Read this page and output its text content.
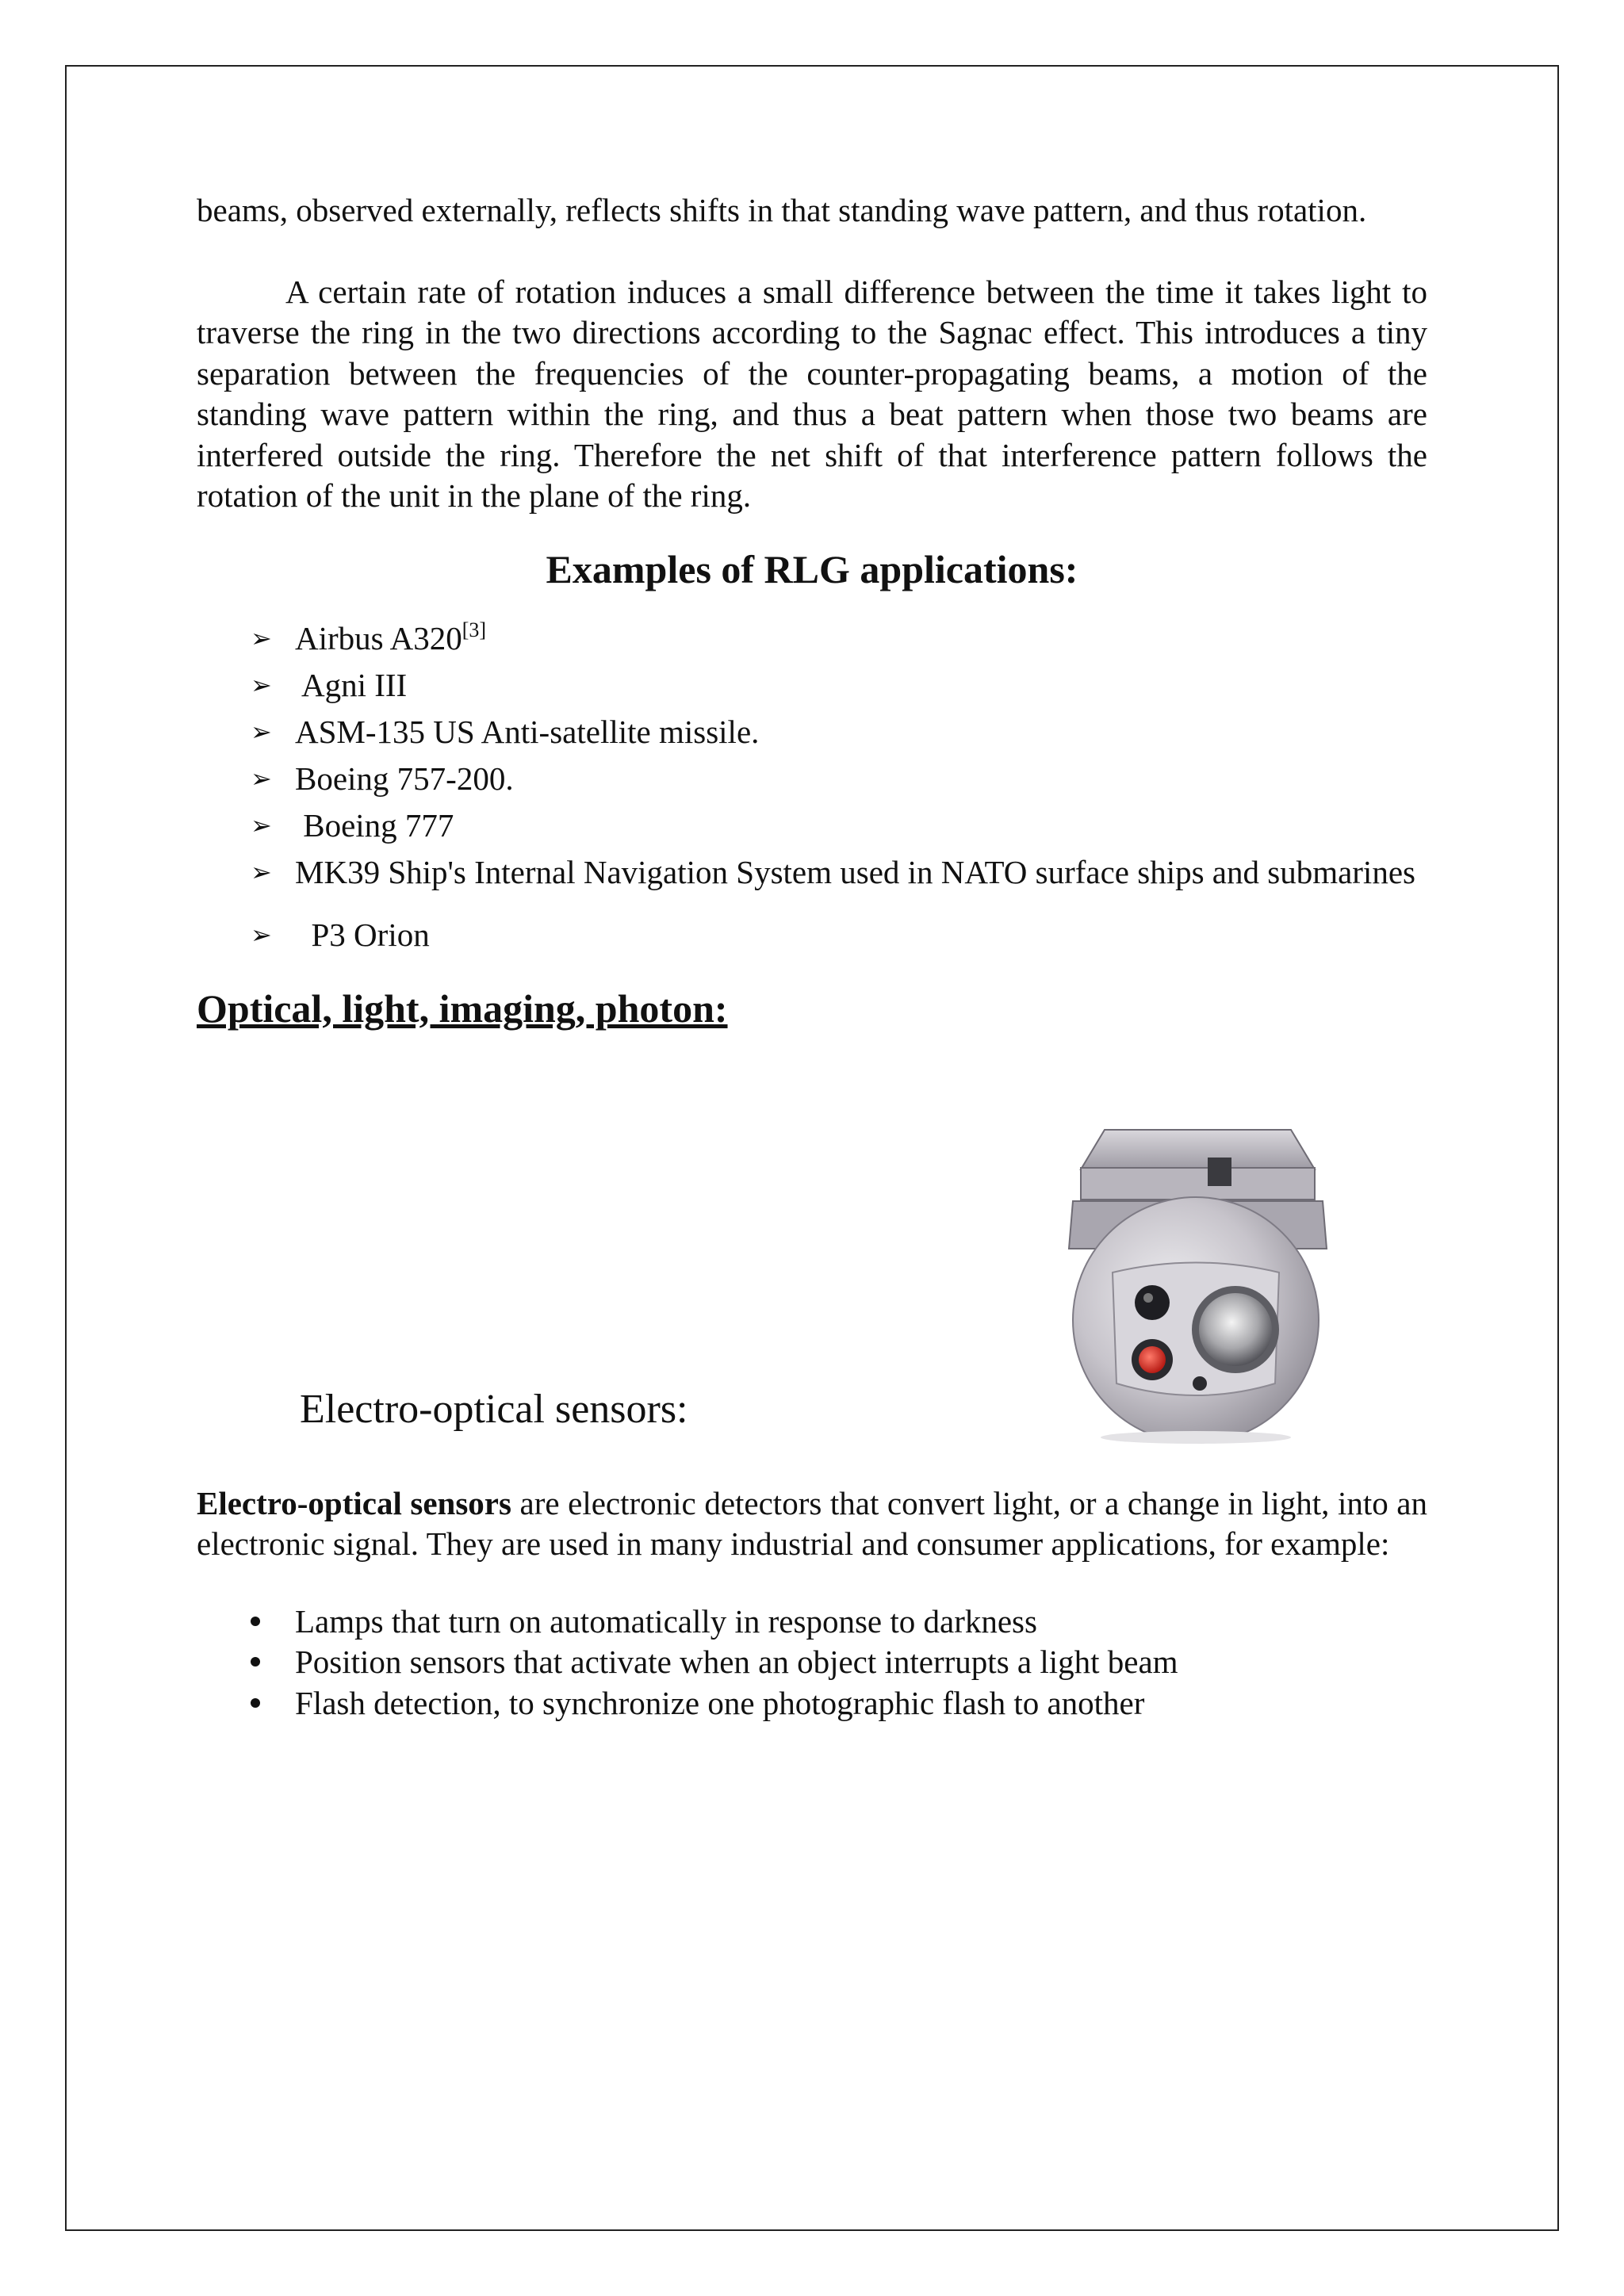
beams, observed externally, reflects shifts in that standing wave pattern, and thus rotation.

A certain rate of rotation induces a small difference between the time it takes light to traverse the ring in the two directions according to the Sagnac effect. This introduces a tiny separation between the frequencies of the counter-propagating beams, a motion of the standing wave pattern within the ring, and thus a beat pattern when those two beams are interfered outside the ring. Therefore the net shift of that interference pattern follows the rotation of the unit in the plane of the ring.

Examples of RLG applications:
➢ Airbus A320[3]
➢ Agni III
➢ ASM-135 US Anti-satellite missile.
➢ Boeing 757-200.
➢ Boeing 777
➢ MK39 Ship's Internal Navigation System used in NATO surface ships and submarines
➢ P3 Orion
Optical, light, imaging, photon:
Electro-optical sensors:

Electro-optical sensors are electronic detectors that convert light, or a change in light, into an electronic signal. They are used in many industrial and consumer applications, for example:

Lamps that turn on automatically in response to darkness
Position sensors that activate when an object interrupts a light beam
Flash detection, to synchronize one photographic flash to another
